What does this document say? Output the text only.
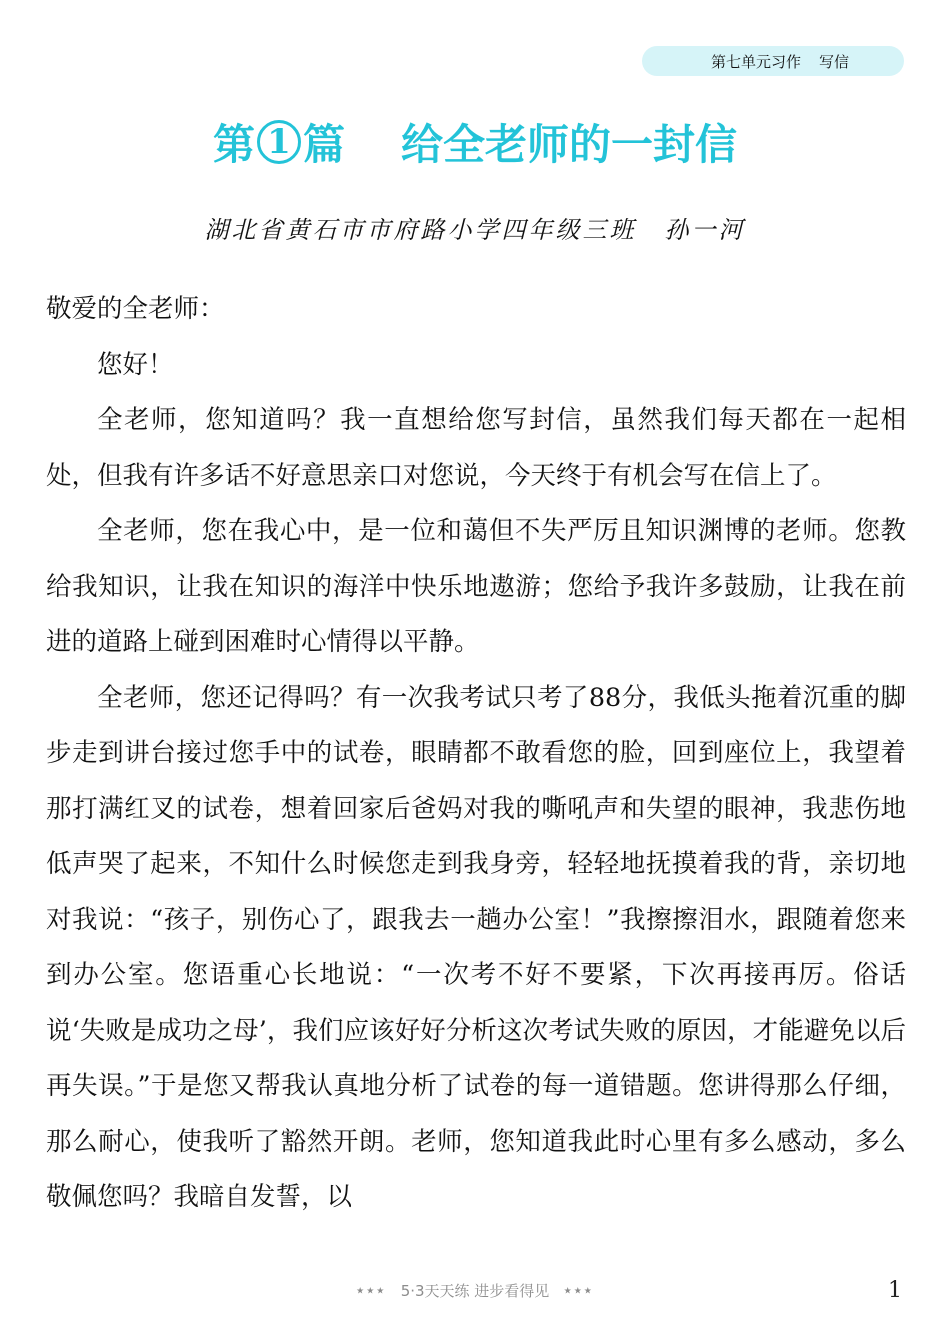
第七单元习作 写信
第 1 篇 给全老师的一封信
湖北省黄石市市府路小学四年级三班 孙一河

敬爱的全老师：

您好！

全老师，您知道吗？我一直想给您写封信，虽然我们每天都在一起相处，但我有许多话不好意思亲口对您说，今天终于有机会写在信上了。

全老师，您在我心中，是一位和蔼但不失严厉且知识渊博的老师。您教给我知识，让我在知识的海洋中快乐地遨游；您给予我许多鼓励，让我在前进的道路上碰到困难时心情得以平静。

全老师，您还记得吗？有一次我考试只考了88分，我低头拖着沉重的脚步走到讲台接过您手中的试卷，眼睛都不敢看您的脸，回到座位上，我望着那打满红叉的试卷，想着回家后爸妈对我的嘶吼声和失望的眼神，我悲伤地低声哭了起来，不知什么时候您走到我身旁，轻轻地抚摸着我的背，亲切地对我说：“孩子，别伤心了，跟我去一趟办公室！”我擦擦泪水，跟随着您来到办公室。您语重心长地说：“一次考不好不要紧，下次再接再厉。俗话说‘失败是成功之母’，我们应该好好分析这次考试失败的原因，才能避免以后再失误。”于是您又帮我认真地分析了试卷的每一道错题。您讲得那么仔细，那么耐心，使我听了豁然开朗。老师，您知道我此时心里有多么感动，多么敬佩您吗？我暗自发誓，以

★★★ 5·3天天练 进步看得见 ★★★	1
